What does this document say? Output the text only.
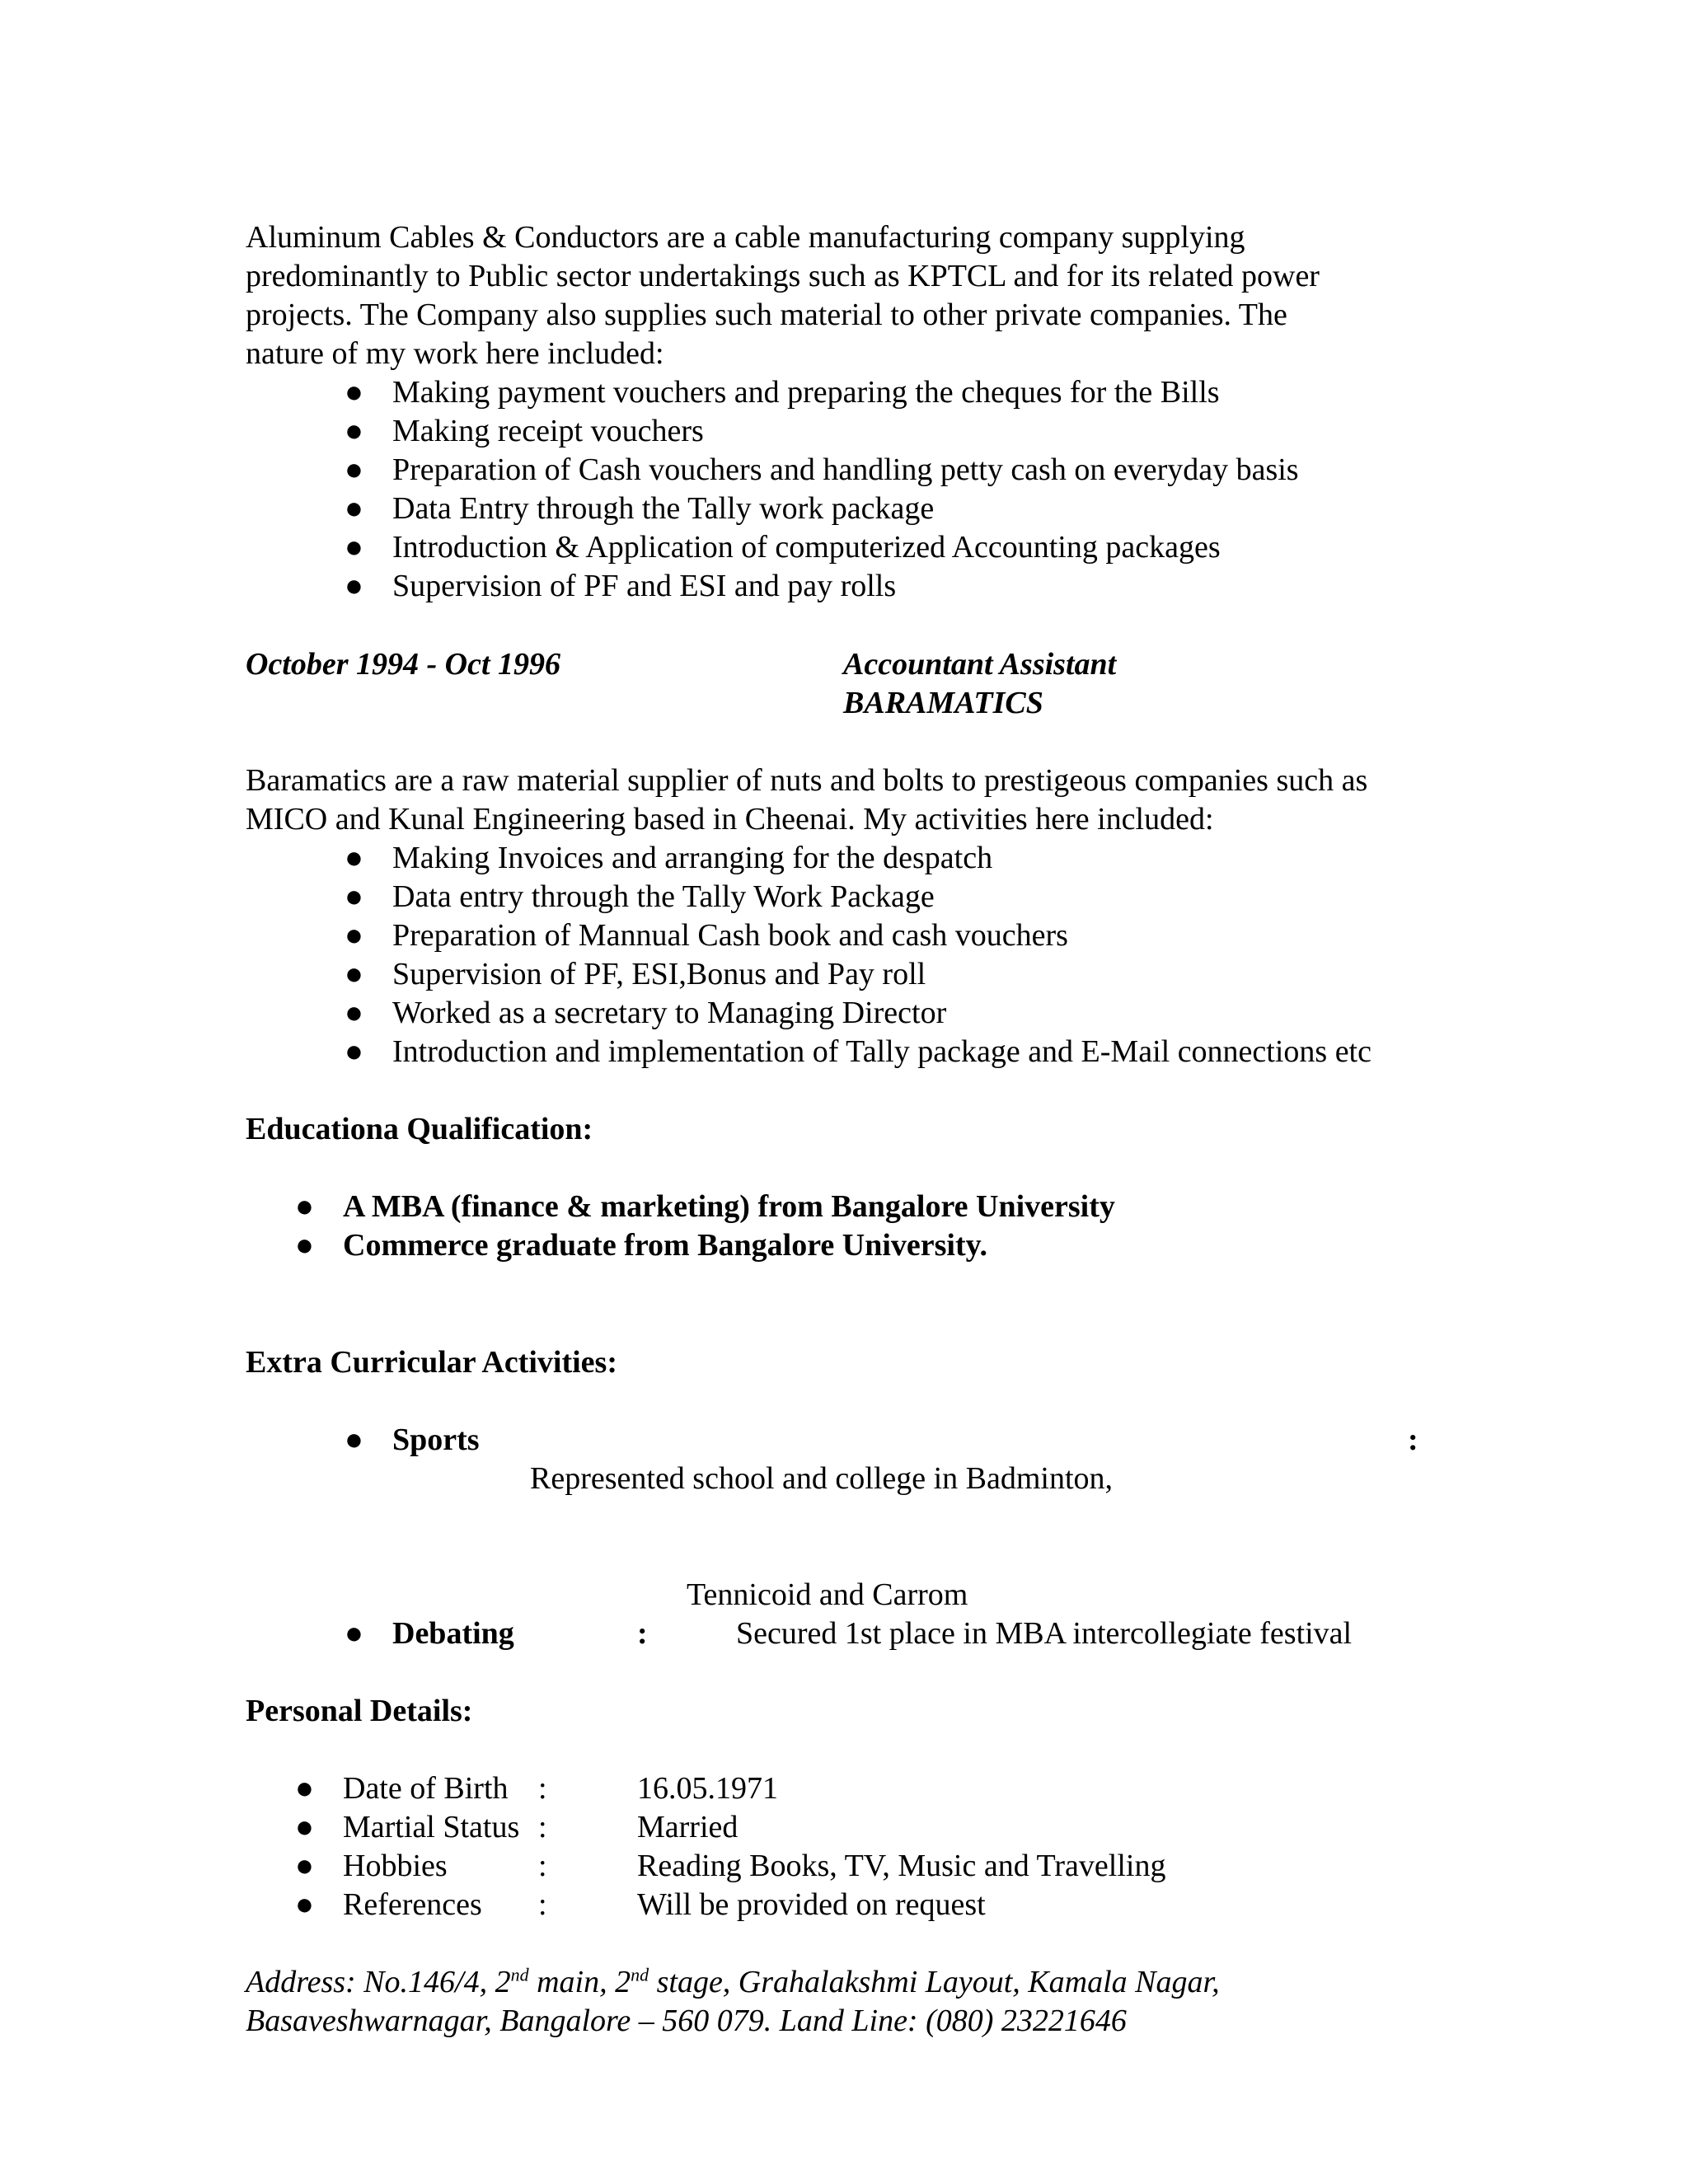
Aluminum Cables & Conductors are a cable manufacturing company supplying
predominantly to Public sector undertakings such as KPTCL and for its related power
projects. The Company also supplies such material to other private companies. The
nature of my work here included:
● Making payment vouchers and preparing the cheques for the Bills
● Making receipt vouchers
● Preparation of Cash vouchers and handling petty cash on everyday basis
● Data Entry through the Tally work package
● Introduction & Application of computerized Accounting packages
● Supervision of PF and ESI and pay rolls
October 1994 - Oct 1996	Accountant Assistant
BARAMATICS
Baramatics are a raw material supplier of nuts and bolts to prestigeous companies such as
MICO and Kunal Engineering based in Cheenai. My activities here included:
● Making Invoices and arranging for the despatch
● Data entry through the Tally Work Package
● Preparation of Mannual Cash book and cash vouchers
● Supervision of PF, ESI,Bonus and Pay roll
● Worked as a secretary to Managing Director
● Introduction and implementation of Tally package and E-Mail connections etc
Educationa Qualification:
● A MBA (finance & marketing) from Bangalore University
● Commerce graduate from Bangalore University.
Extra Curricular Activities:
● Sports	:
Represented school and college in Badminton,
Tennicoid and Carrom
● Debating	:	Secured 1st place in MBA intercollegiate festival
Personal Details:
● Date of Birth :	16.05.1971
● Martial Status :	Married
● Hobbies	:	Reading Books, TV, Music and Travelling
● References :	Will be provided on request
Address: No.146/4, 2nd main, 2nd stage, Grahalakshmi Layout, Kamala Nagar,
Basaveshwarnagar, Bangalore – 560 079. Land Line: (080) 23221646
